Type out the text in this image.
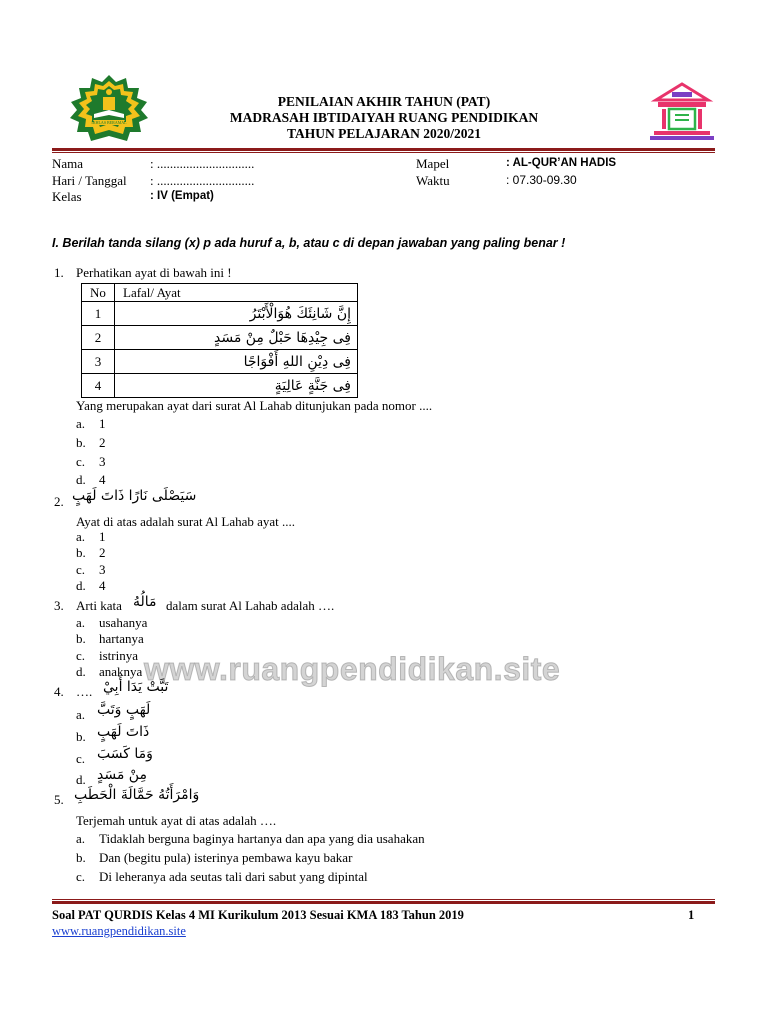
IKHLAS BERAMAL
PENILAIAN AKHIR TAHUN (PAT)
MADRASAH IBTIDAIYAH RUANG PENDIDIKAN
TAHUN PELAJARAN 2020/2021
Nama	: ..............................
Hari / Tanggal : ..............................
Kelas	: IV (Empat)
Mapel	: AL-QUR’AN HADIS
Waktu	: 07.30-09.30
I. Berilah tanda silang (x) p ada huruf a, b, atau c di depan jawaban yang paling benar !
1. Perhatikan ayat di bawah ini !
No	Lafal/ Ayat
1	إِنَّ شَانِئَكَ هُوَالْأَبْتَرُ
2	فِى جِيْدِهَا حَبْلٌ مِنْ مَسَدٍ
3	فِى دِيْنِ اللهِ أَفْوَاجًا
4	فِى جَنَّةٍ عَالِيَةٍ
Yang merupakan ayat dari surat Al Lahab ditunjukan pada nomor ....
a. 1
b. 2
c. 3
d. 4
2. سَيَصْلَى نَارًا ذَاتَ لَهَبٍ
Ayat di atas adalah surat Al Lahab ayat ....
a. 1
b. 2
c. 3
d. 4
3. Arti kata مَالُهُ dalam surat Al Lahab adalah ….
a. usahanya
b. hartanya
c. istrinya
d. anaknya www.ruangpendidikan.site
4. …. تَبَّتْ يَدَا أَبِيْ
a. لَهَبٍ وَتَبَّ
b. ذَاتَ لَهَبٍ
c. وَمَا كَسَبَ
d. مِنْ مَسَدٍ
5. وَامْرَأَتُهُ حَمَّالَةَ الْحَطَبِ
Terjemah untuk ayat di atas adalah ….
a. Tidaklah berguna baginya hartanya dan apa yang dia usahakan
b. Dan (begitu pula) isterinya pembawa kayu bakar
c. Di leheranya ada seutas tali dari sabut yang dipintal
Soal PAT QURDIS Kelas 4 MI Kurikulum 2013 Sesuai KMA 183 Tahun 2019	1
www.ruangpendidikan.site
